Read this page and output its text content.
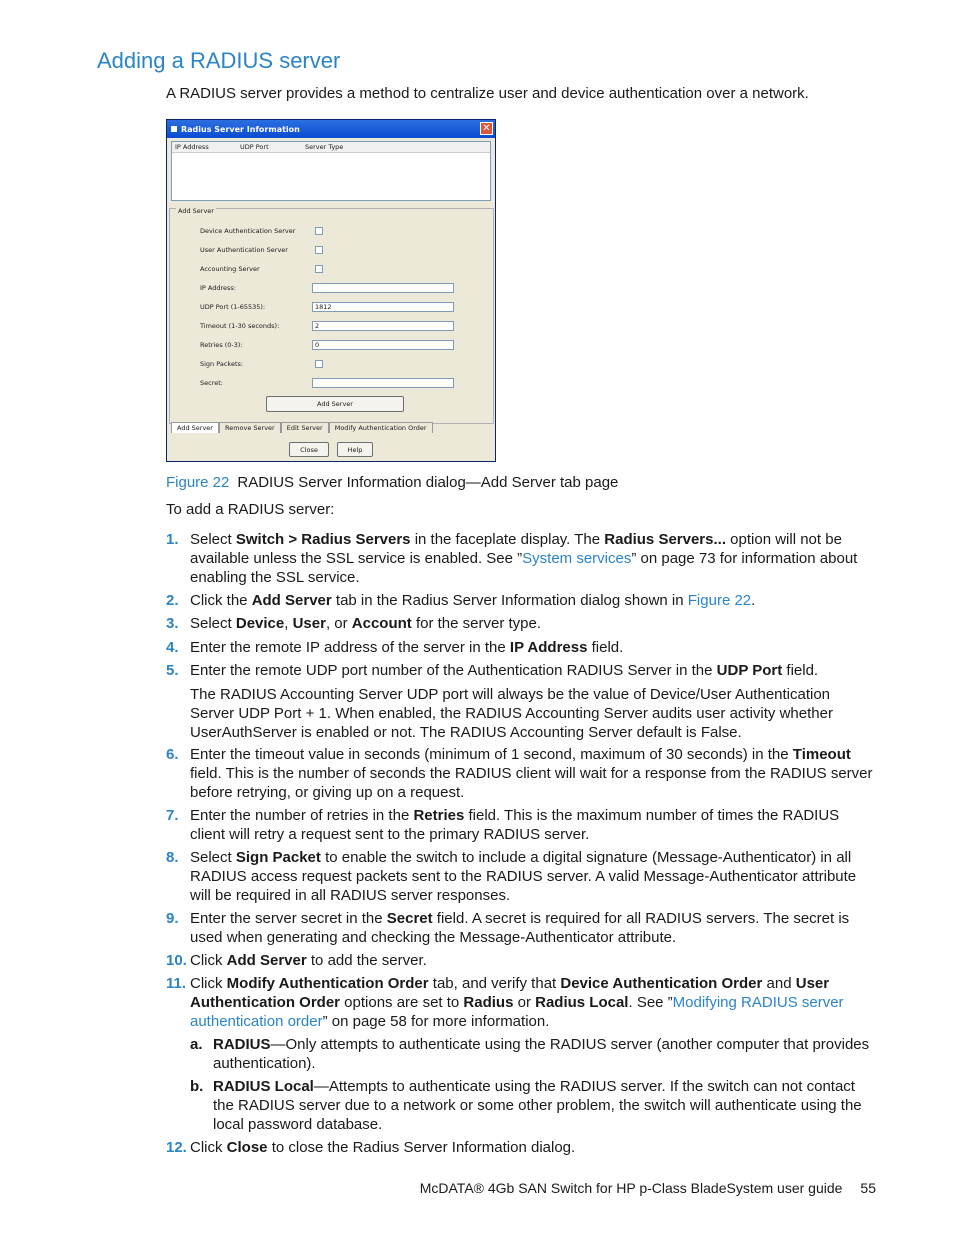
Adding a RADIUS server
A RADIUS server provides a method to centralize user and device authentication over a network.
Radius Server Information	✕
IP Address	UDP Port	Server Type
Add Server
Device Authentication Server
User Authentication Server
Accounting Server
IP Address:
UDP Port (1-65535):	1812
Timeout (1-30 seconds):	2
Retries (0-3):	0
Sign Packets:
Secret:
Add Server
Add Server	Remove Server	Edit Server	Modify Authentication Order
Close	Help
Figure 22 RADIUS Server Information dialog—Add Server tab page
To add a RADIUS server:
1. Select Switch > Radius Servers in the faceplate display. The Radius Servers... option will not be available unless the SSL service is enabled. See ”System services” on page 73 for information about enabling the SSL service.
2. Click the Add Server tab in the Radius Server Information dialog shown in Figure 22.
3. Select Device, User, or Account for the server type.
4. Enter the remote IP address of the server in the IP Address field.
5. Enter the remote UDP port number of the Authentication RADIUS Server in the UDP Port field.
The RADIUS Accounting Server UDP port will always be the value of Device/User Authentication Server UDP Port + 1. When enabled, the RADIUS Accounting Server audits user activity whether UserAuthServer is enabled or not. The RADIUS Accounting Server default is False.
6. Enter the timeout value in seconds (minimum of 1 second, maximum of 30 seconds) in the Timeout field. This is the number of seconds the RADIUS client will wait for a response from the RADIUS server before retrying, or giving up on a request.
7. Enter the number of retries in the Retries field. This is the maximum number of times the RADIUS client will retry a request sent to the primary RADIUS server.
8. Select Sign Packet to enable the switch to include a digital signature (Message-Authenticator) in all RADIUS access request packets sent to the RADIUS server. A valid Message-Authenticator attribute will be required in all RADIUS server responses.
9. Enter the server secret in the Secret field. A secret is required for all RADIUS servers. The secret is used when generating and checking the Message-Authenticator attribute.
10. Click Add Server to add the server.
11. Click Modify Authentication Order tab, and verify that Device Authentication Order and User Authentication Order options are set to Radius or Radius Local. See ”Modifying RADIUS server authentication order” on page 58 for more information.
a. RADIUS—Only attempts to authenticate using the RADIUS server (another computer that provides authentication).
b. RADIUS Local—Attempts to authenticate using the RADIUS server. If the switch can not contact the RADIUS server due to a network or some other problem, the switch will authenticate using the local password database.
12. Click Close to close the Radius Server Information dialog.
McDATA® 4Gb SAN Switch for HP p-Class BladeSystem user guide 55
